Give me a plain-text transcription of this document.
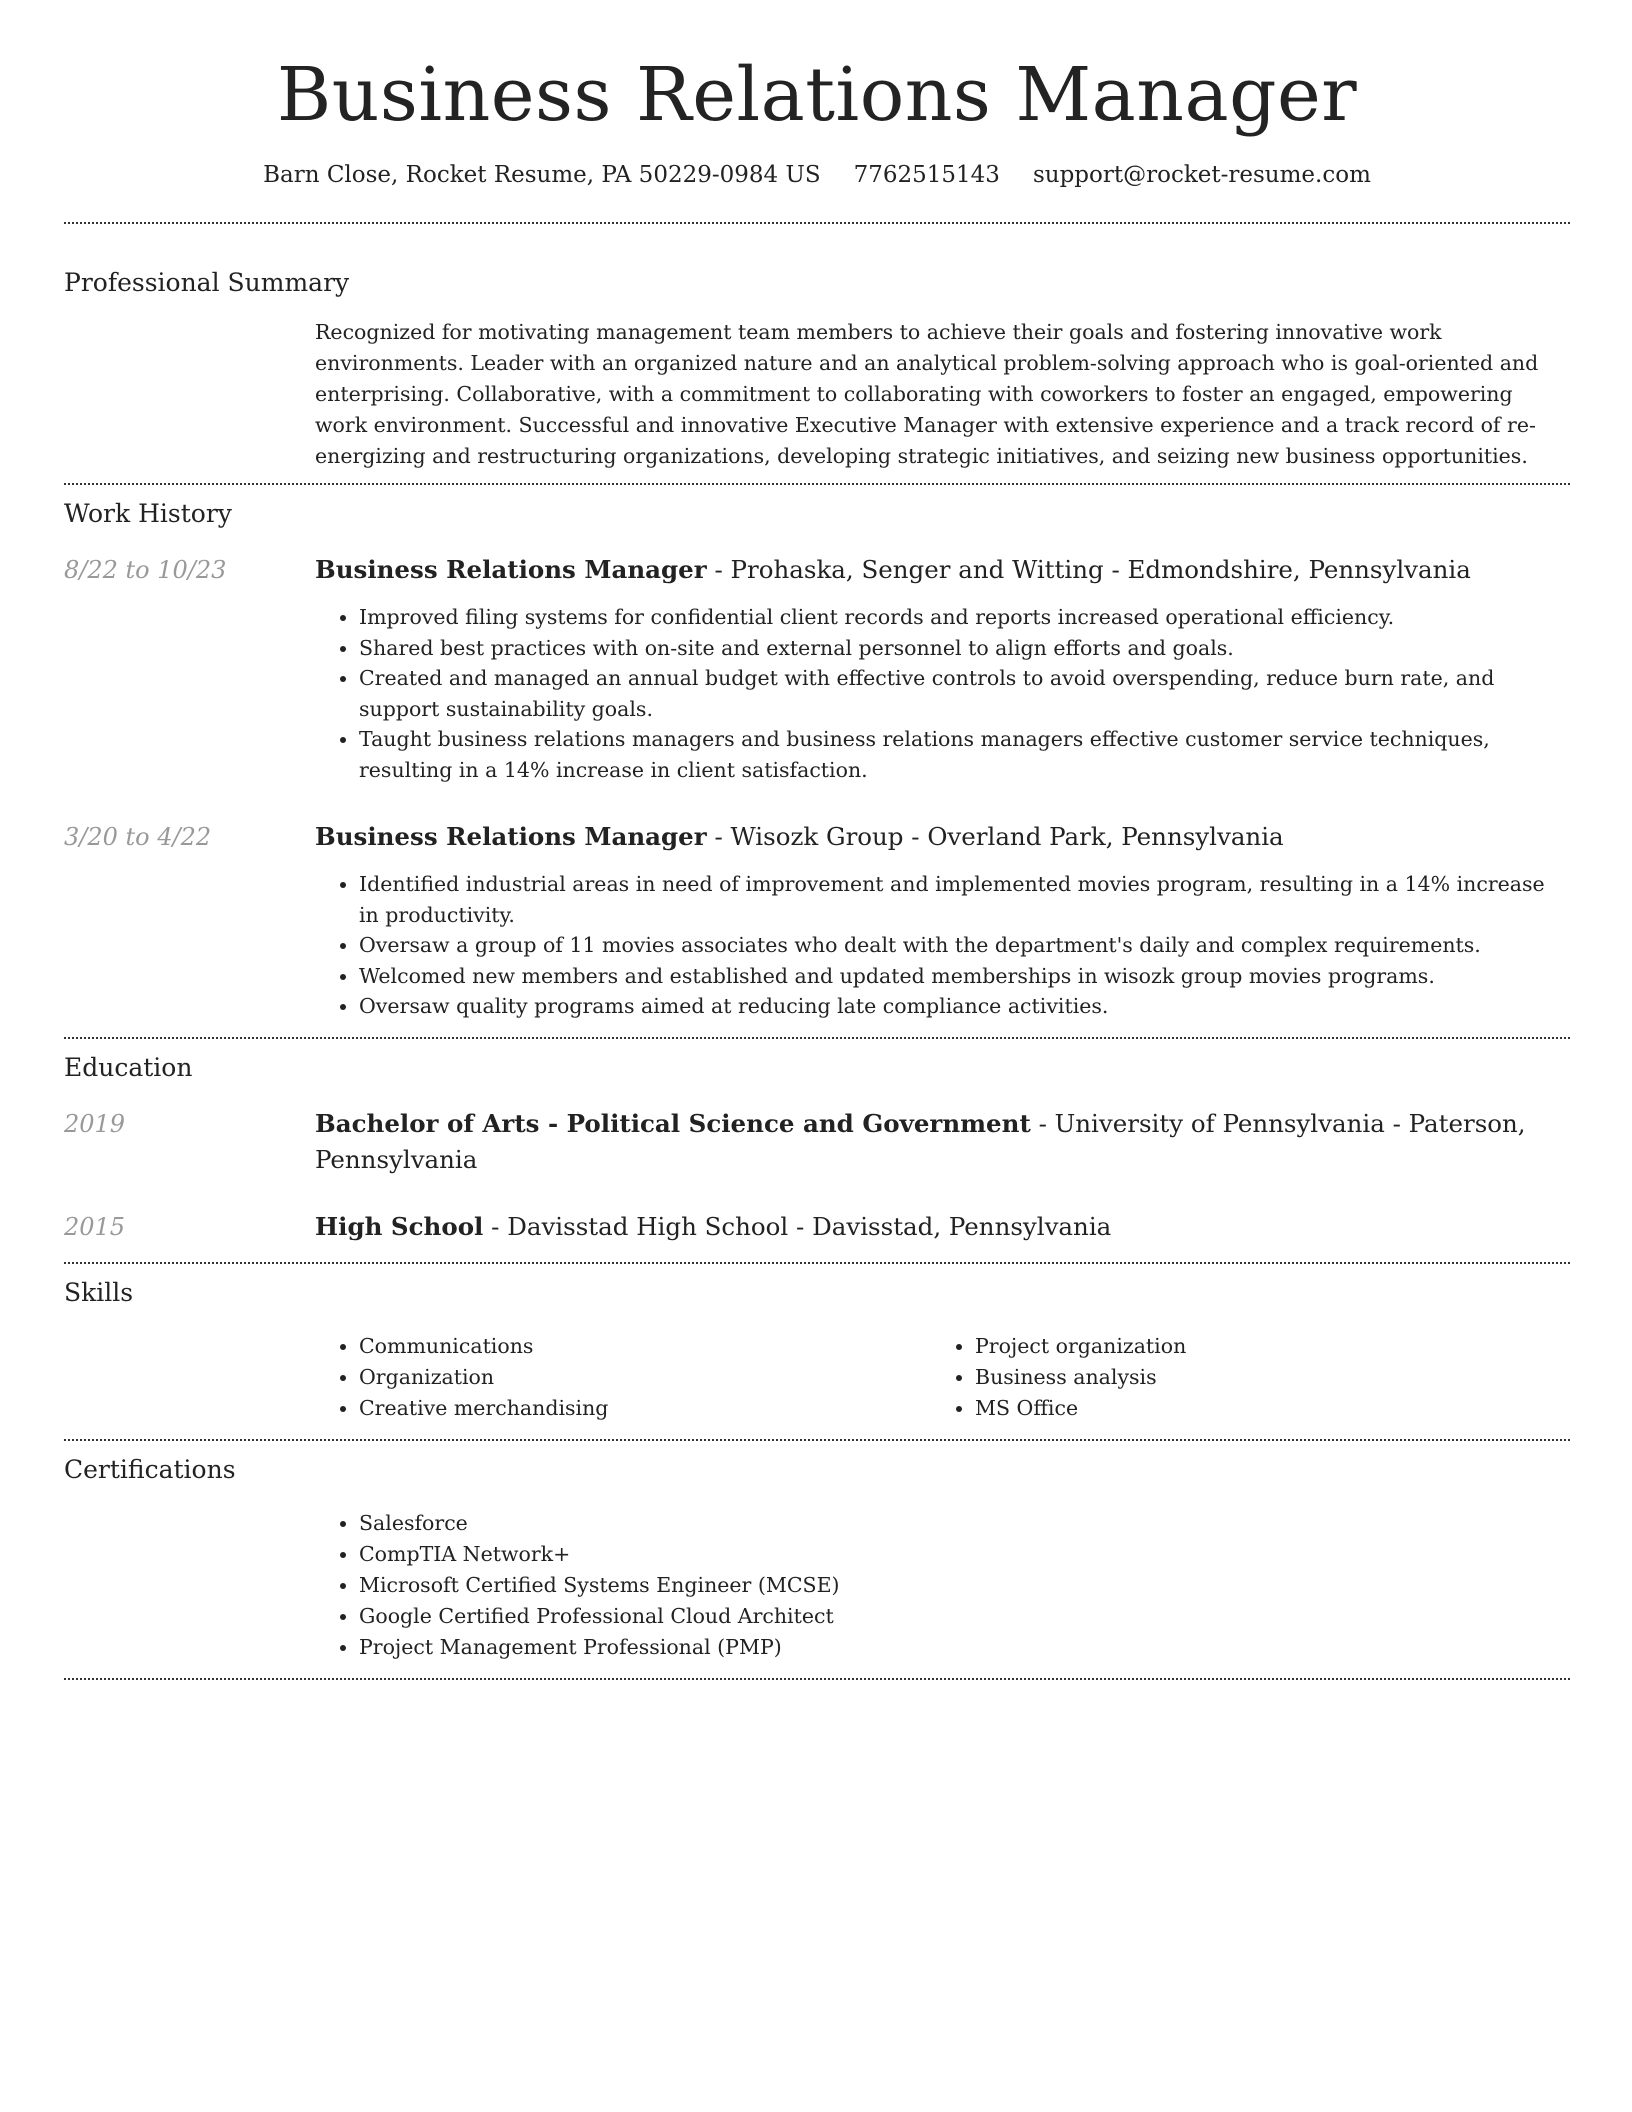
Business Relations Manager
Barn Close, Rocket Resume, PA 50229-0984 US 7762515143 support@rocket-resume.com
Professional Summary
Recognized for motivating management team members to achieve their goals and fostering innovative work environments. Leader with an organized nature and an analytical problem-solving approach who is goal-oriented and enterprising. Collaborative, with a commitment to collaborating with coworkers to foster an engaged, empowering work environment. Successful and innovative Executive Manager with extensive experience and a track record of re-energizing and restructuring organizations, developing strategic initiatives, and seizing new business opportunities.
Work History
8/22 to 10/23	Business Relations Manager - Prohaska, Senger and Witting - Edmondshire, Pennsylvania
• Improved filing systems for confidential client records and reports increased operational efficiency.
• Shared best practices with on-site and external personnel to align efforts and goals.
• Created and managed an annual budget with effective controls to avoid overspending, reduce burn rate, and support sustainability goals.
• Taught business relations managers and business relations managers effective customer service techniques, resulting in a 14% increase in client satisfaction.
3/20 to 4/22	Business Relations Manager - Wisozk Group - Overland Park, Pennsylvania
• Identified industrial areas in need of improvement and implemented movies program, resulting in a 14% increase in productivity.
• Oversaw a group of 11 movies associates who dealt with the department's daily and complex requirements.
• Welcomed new members and established and updated memberships in wisozk group movies programs.
• Oversaw quality programs aimed at reducing late compliance activities.
Education
2019	Bachelor of Arts - Political Science and Government - University of Pennsylvania - Paterson, Pennsylvania
2015	High School - Davisstad High School - Davisstad, Pennsylvania
Skills
• Communications
• Organization
• Creative merchandising
• Project organization
• Business analysis
• MS Office
Certifications
• Salesforce
• CompTIA Network+
• Microsoft Certified Systems Engineer (MCSE)
• Google Certified Professional Cloud Architect
• Project Management Professional (PMP)
